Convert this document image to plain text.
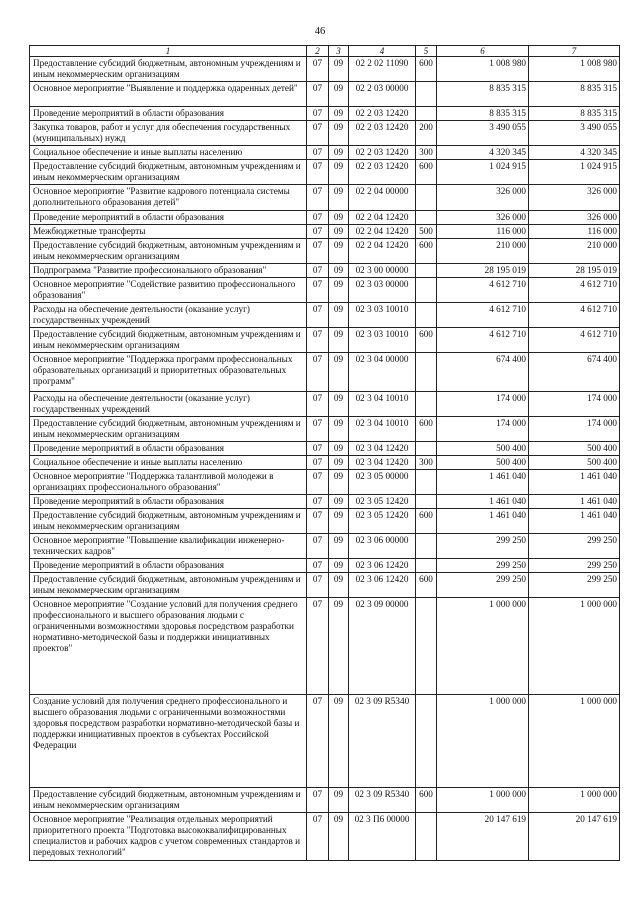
46
1	2	3	4	5	6	7
Предоставление субсидий бюджетным, автономным учреждениям и иным некоммерческим организациям	07	09	02 2 02 11090	600	1 008 980	1 008 980
Основное мероприятие "Выявление и поддержка одаренных детей"	07	09	02 2 03 00000		8 835 315	8 835 315
Проведение мероприятий в области образования	07	09	02 2 03 12420		8 835 315	8 835 315
Закупка товаров, работ и услуг для обеспечения государственных (муниципальных) нужд	07	09	02 2 03 12420	200	3 490 055	3 490 055
Социальное обеспечение и иные выплаты населению	07	09	02 2 03 12420	300	4 320 345	4 320 345
Предоставление субсидий бюджетным, автономным учреждениям и иным некоммерческим организациям	07	09	02 2 03 12420	600	1 024 915	1 024 915
Основное мероприятие "Развитие кадрового потенциала системы дополнительного образования детей"	07	09	02 2 04 00000		326 000	326 000
Проведение мероприятий в области образования	07	09	02 2 04 12420		326 000	326 000
Межбюджетные трансферты	07	09	02 2 04 12420	500	116 000	116 000
Предоставление субсидий бюджетным, автономным учреждениям и иным некоммерческим организациям	07	09	02 2 04 12420	600	210 000	210 000
Подпрограмма "Развитие профессионального образования"	07	09	02 3 00 00000		28 195 019	28 195 019
Основное мероприятие "Содействие развитию профессионального образования"	07	09	02 3 03 00000		4 612 710	4 612 710
Расходы на обеспечение деятельности (оказание услуг) государственных учреждений	07	09	02 3 03 10010		4 612 710	4 612 710
Предоставление субсидий бюджетным, автономным учреждениям и иным некоммерческим организациям	07	09	02 3 03 10010	600	4 612 710	4 612 710
Основное мероприятие "Поддержка программ профессиональных образовательных организаций и приоритетных образовательных программ"	07	09	02 3 04 00000		674 400	674 400
Расходы на обеспечение деятельности (оказание услуг) государственных учреждений	07	09	02 3 04 10010		174 000	174 000
Предоставление субсидий бюджетным, автономным учреждениям и иным некоммерческим организациям	07	09	02 3 04 10010	600	174 000	174 000
Проведение мероприятий в области образования	07	09	02 3 04 12420		500 400	500 400
Социальное обеспечение и иные выплаты населению	07	09	02 3 04 12420	300	500 400	500 400
Основное мероприятие "Поддержка талантливой молодежи в организациях профессионального образования"	07	09	02 3 05 00000		1 461 040	1 461 040
Проведение мероприятий в области образования	07	09	02 3 05 12420		1 461 040	1 461 040
Предоставление субсидий бюджетным, автономным учреждениям и иным некоммерческим организациям	07	09	02 3 05 12420	600	1 461 040	1 461 040
Основное мероприятие "Повышение квалификации инженерно-технических кадров"	07	09	02 3 06 00000		299 250	299 250
Проведение мероприятий в области образования	07	09	02 3 06 12420		299 250	299 250
Предоставление субсидий бюджетным, автономным учреждениям и иным некоммерческим организациям	07	09	02 3 06 12420	600	299 250	299 250
Основное мероприятие "Создание условий для получения среднего профессионального и высшего образования людьми с ограниченными возможностями здоровья посредством разработки нормативно-методической базы и поддержки инициативных проектов"	07	09	02 3 09 00000		1 000 000	1 000 000
Создание условий для получения среднего профессионального и высшего образования людьми с ограниченными возможностями здоровья посредством разработки нормативно-методической базы и поддержки инициативных проектов в субъектах Российской Федерации	07	09	02 3 09 R5340		1 000 000	1 000 000
Предоставление субсидий бюджетным, автономным учреждениям и иным некоммерческим организациям	07	09	02 3 09 R5340	600	1 000 000	1 000 000
Основное мероприятие "Реализация отдельных мероприятий приоритетного проекта "Подготовка высококвалифицированных специалистов и рабочих кадров с учетом современных стандартов и передовых технологий"	07	09	02 3 П6 00000		20 147 619	20 147 619
